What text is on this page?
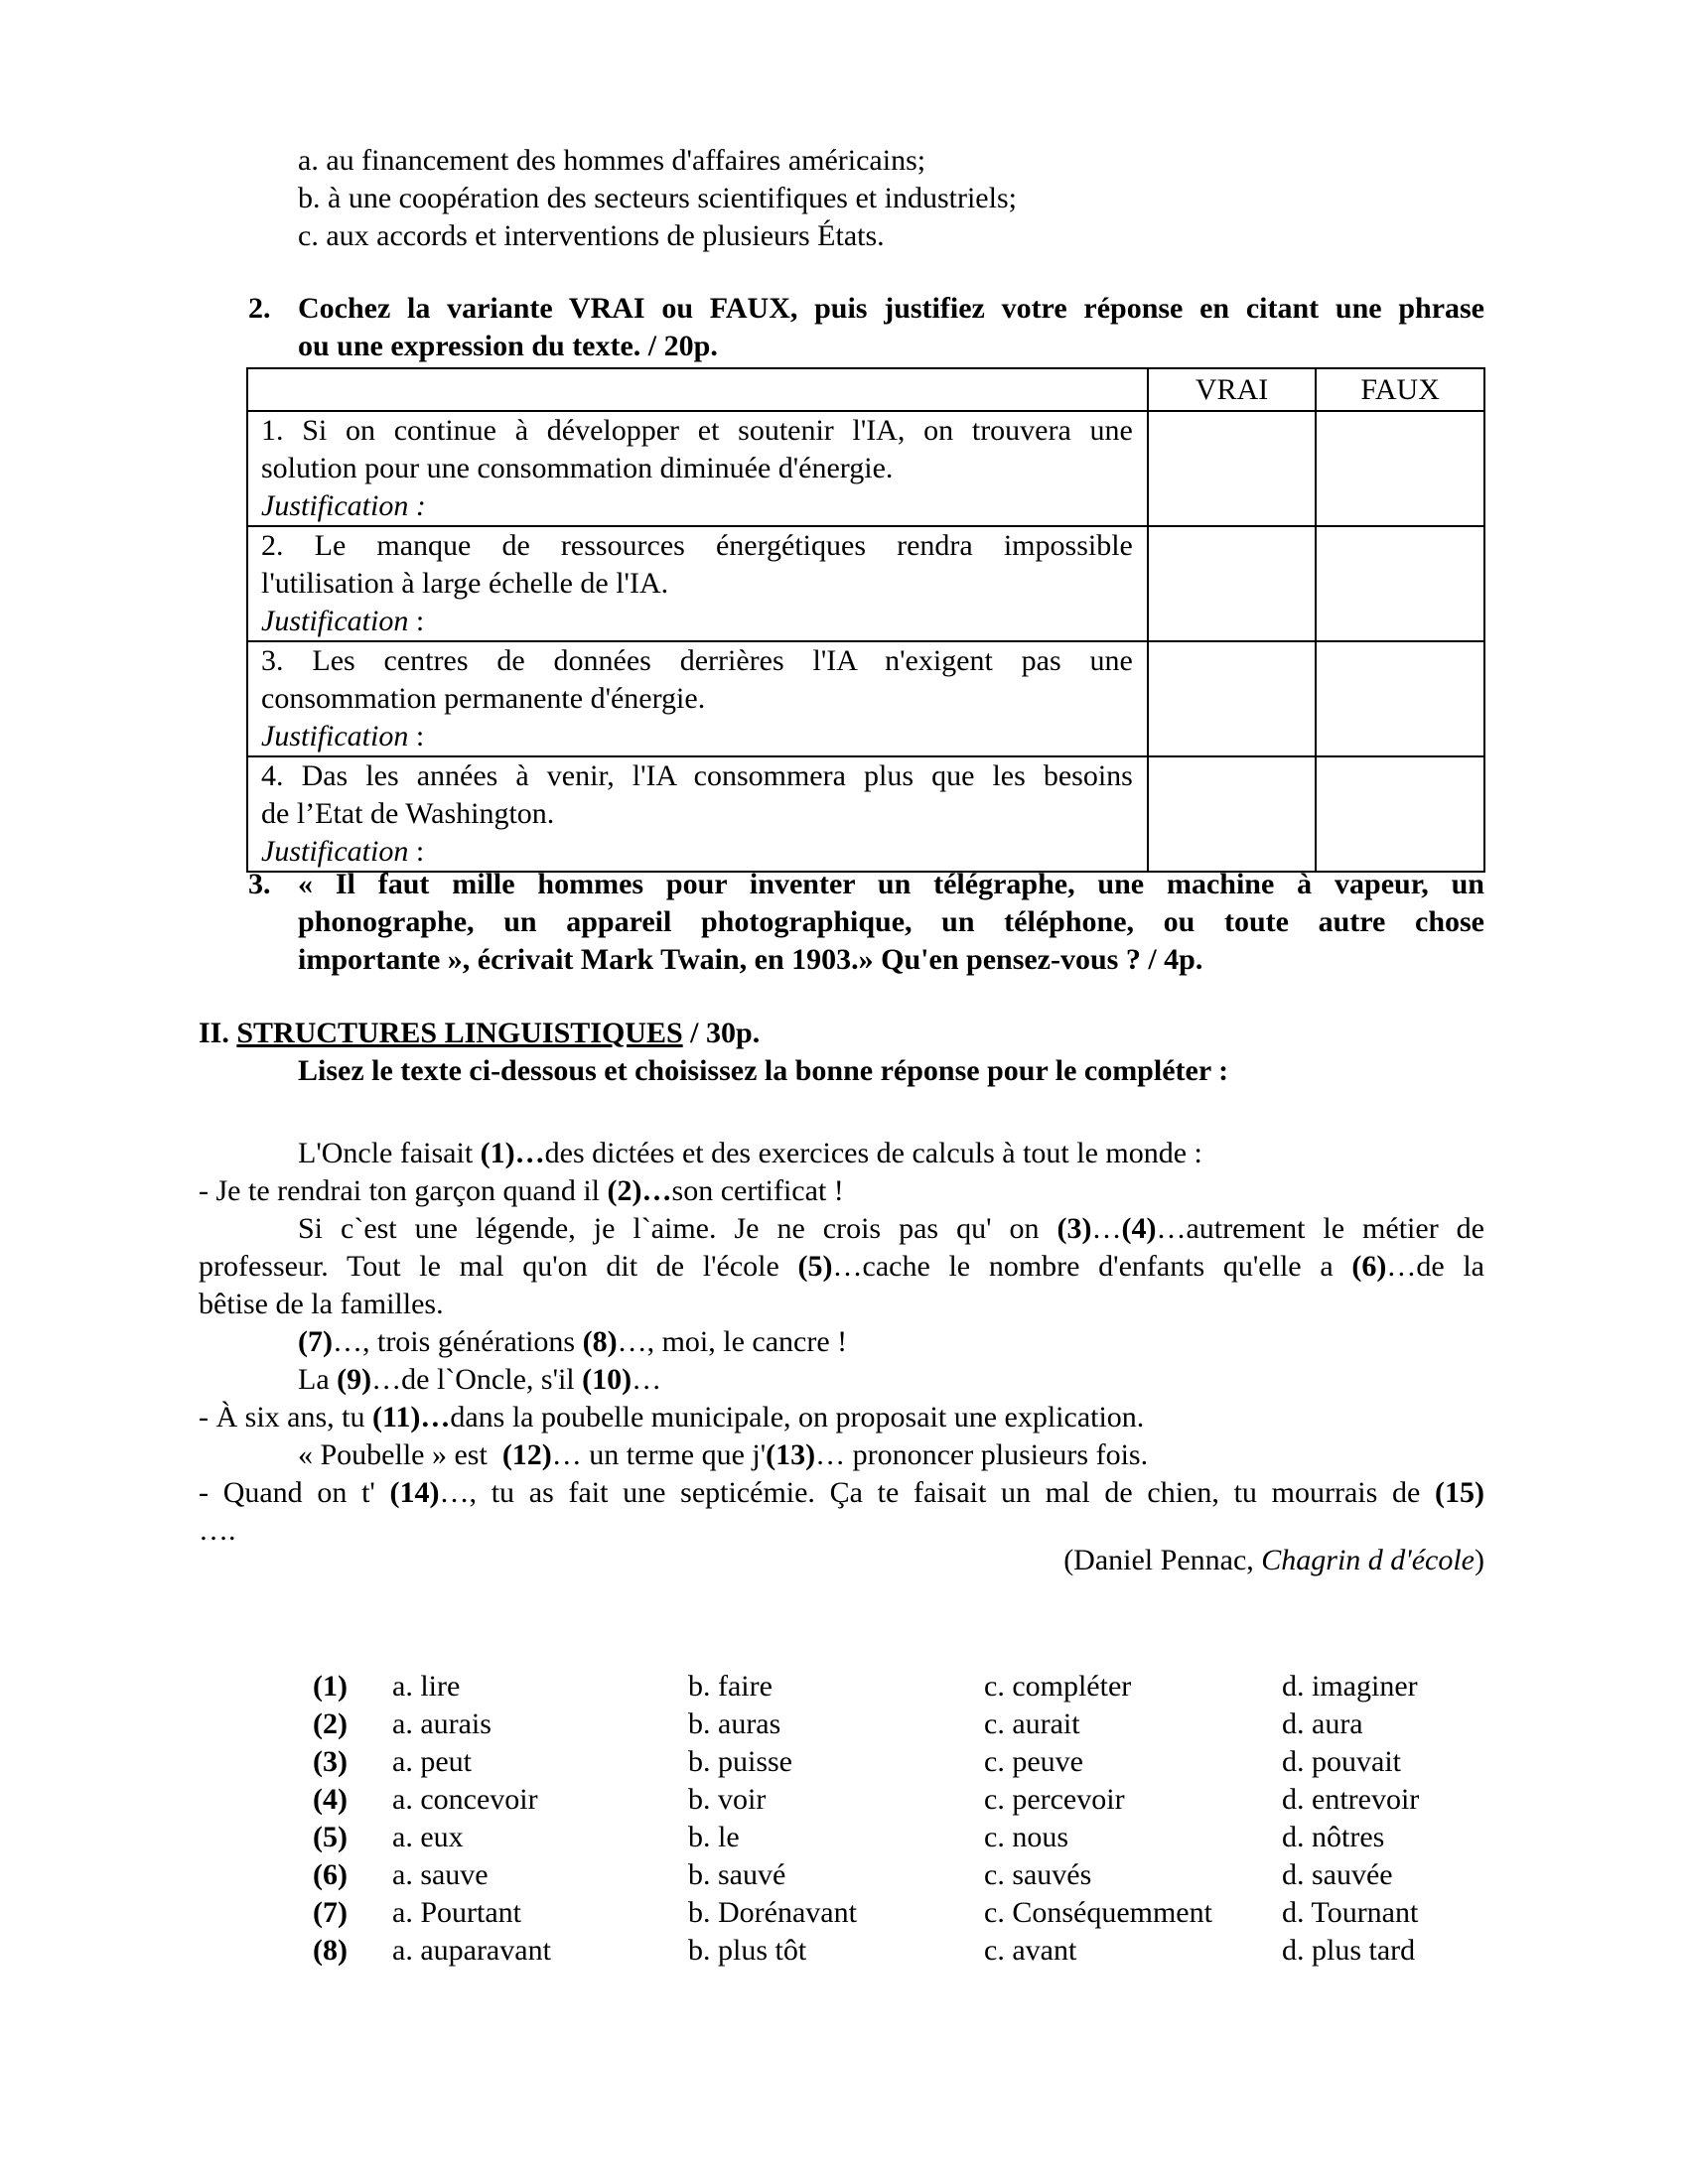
a. au financement des hommes d'affaires américains;
b. à une coopération des secteurs scientifiques et industriels;
c. aux accords et interventions de plusieurs États.
2. Cochez la variante VRAI ou FAUX, puis justifiez votre réponse en citant une phrase
ou une expression du texte. / 20p.
	VRAI	FAUX

1. Si on continue à développer et soutenir l'IA, on trouvera une
solution pour une consommation diminuée d'énergie.
Justification :		

2. Le manque de ressources énergétiques rendra impossible
l'utilisation à large échelle de l'IA.
Justification :		

3. Les centres de données derrières l'IA n'exigent pas une
consommation permanente d'énergie.
Justification :		

4. Das les années à venir, l'IA consommera plus que les besoins
de l’Etat de Washington.
Justification :		

3. « Il faut mille hommes pour inventer un télégraphe, une machine à vapeur, un
phonographe, un appareil photographique, un téléphone, ou toute autre chose
importante », écrivait Mark Twain, en 1903.» Qu'en pensez-vous ? / 4p.
II. STRUCTURES LINGUISTIQUES / 30p.
Lisez le texte ci-dessous et choisissez la bonne réponse pour le compléter :
L'Oncle faisait (1)…des dictées et des exercices de calculs à tout le monde :
- Je te rendrai ton garçon quand il (2)…son certificat !
Si c`est une légende, je l`aime. Je ne crois pas qu' on (3)…(4)…autrement le métier de
professeur. Tout le mal qu'on dit de l'école (5)…cache le nombre d'enfants qu'elle a (6)…de la
bêtise de la familles.
(7)…, trois générations (8)…, moi, le cancre !
La (9)…de l`Oncle, s'il (10)…
- À six ans, tu (11)…dans la poubelle municipale, on proposait une explication.
« Poubelle » est  (12)… un terme que j'(13)… prononcer plusieurs fois.
- Quand on t' (14)…, tu as fait une septicémie. Ça te faisait un mal de chien, tu mourrais de (15)
….
(Daniel Pennac, Chagrin d d'école)
(1)	a. lire	b. faire	c. compléter	d. imaginer
(2)	a. aurais	b. auras	c. aurait	d. aura
(3)	a. peut	b. puisse	c. peuve	d. pouvait
(4)	a. concevoir	b. voir	c. percevoir	d. entrevoir
(5)	a. eux	b. le	c. nous	d. nôtres
(6)	a. sauve	b. sauvé	c. sauvés	d. sauvée
(7)	a. Pourtant	b. Dorénavant	c. Conséquemment	d. Tournant
(8)	a. auparavant	b. plus tôt	c. avant	d. plus tard
